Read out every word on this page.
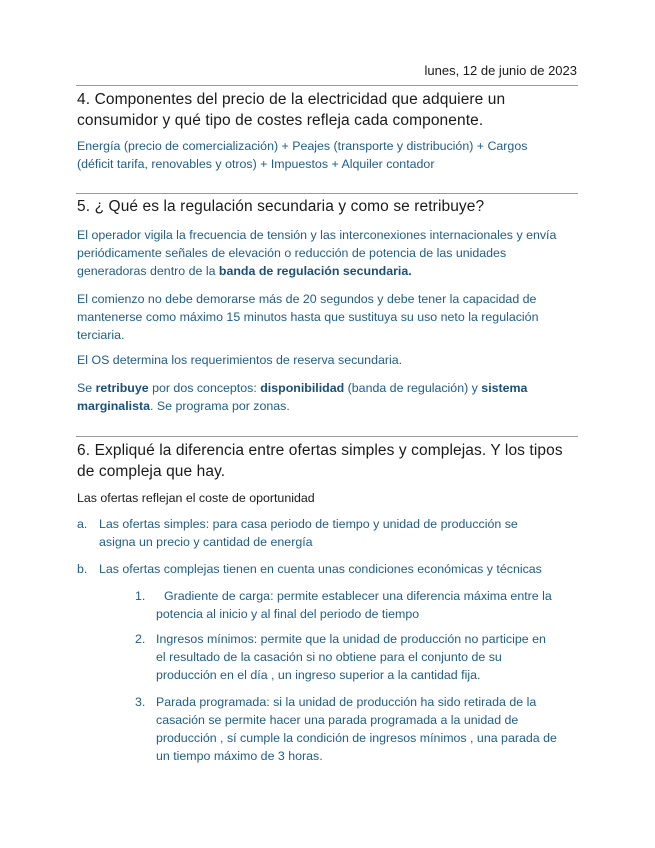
lunes, 12 de junio de 2023
4. Componentes del precio de la electricidad que adquiere un
consumidor y qué tipo de costes refleja cada componente.
Energía (precio de comercialización) + Peajes (transporte y distribución) + Cargos
(déficit tarifa, renovables y otros) + Impuestos + Alquiler contador
5. ¿ Qué es la regulación secundaria y como se retribuye?
El operador vigila la frecuencia de tensión y las interconexiones internacionales y envía
periódicamente señales de elevación o reducción de potencia de las unidades
generadoras dentro de la banda de regulación secundaria.
El comienzo no debe demorarse más de 20 segundos y debe tener la capacidad de
mantenerse como máximo 15 minutos hasta que sustituya su uso neto la regulación
terciaria.
El OS determina los requerimientos de reserva secundaria.
Se retribuye por dos conceptos: disponibilidad (banda de regulación) y sistema
marginalista. Se programa por zonas.
6. Expliqué la diferencia entre ofertas simples y complejas. Y los tipos
de compleja que hay.
Las ofertas reflejan el coste de oportunidad
a. Las ofertas simples: para casa periodo de tiempo y unidad de producción se
asigna un precio y cantidad de energía
b. Las ofertas complejas tienen en cuenta unas condiciones económicas y técnicas
1.	Gradiente de carga: permite establecer una diferencia máxima entre la
potencia al inicio y al final del periodo de tiempo
2. Ingresos mínimos: permite que la unidad de producción no participe en
el resultado de la casación si no obtiene para el conjunto de su
producción en el día , un ingreso superior a la cantidad fija.
3. Parada programada: si la unidad de producción ha sido retirada de la
casación se permite hacer una parada programada a la unidad de
producción , sí cumple la condición de ingresos mínimos , una parada de
un tiempo máximo de 3 horas.
